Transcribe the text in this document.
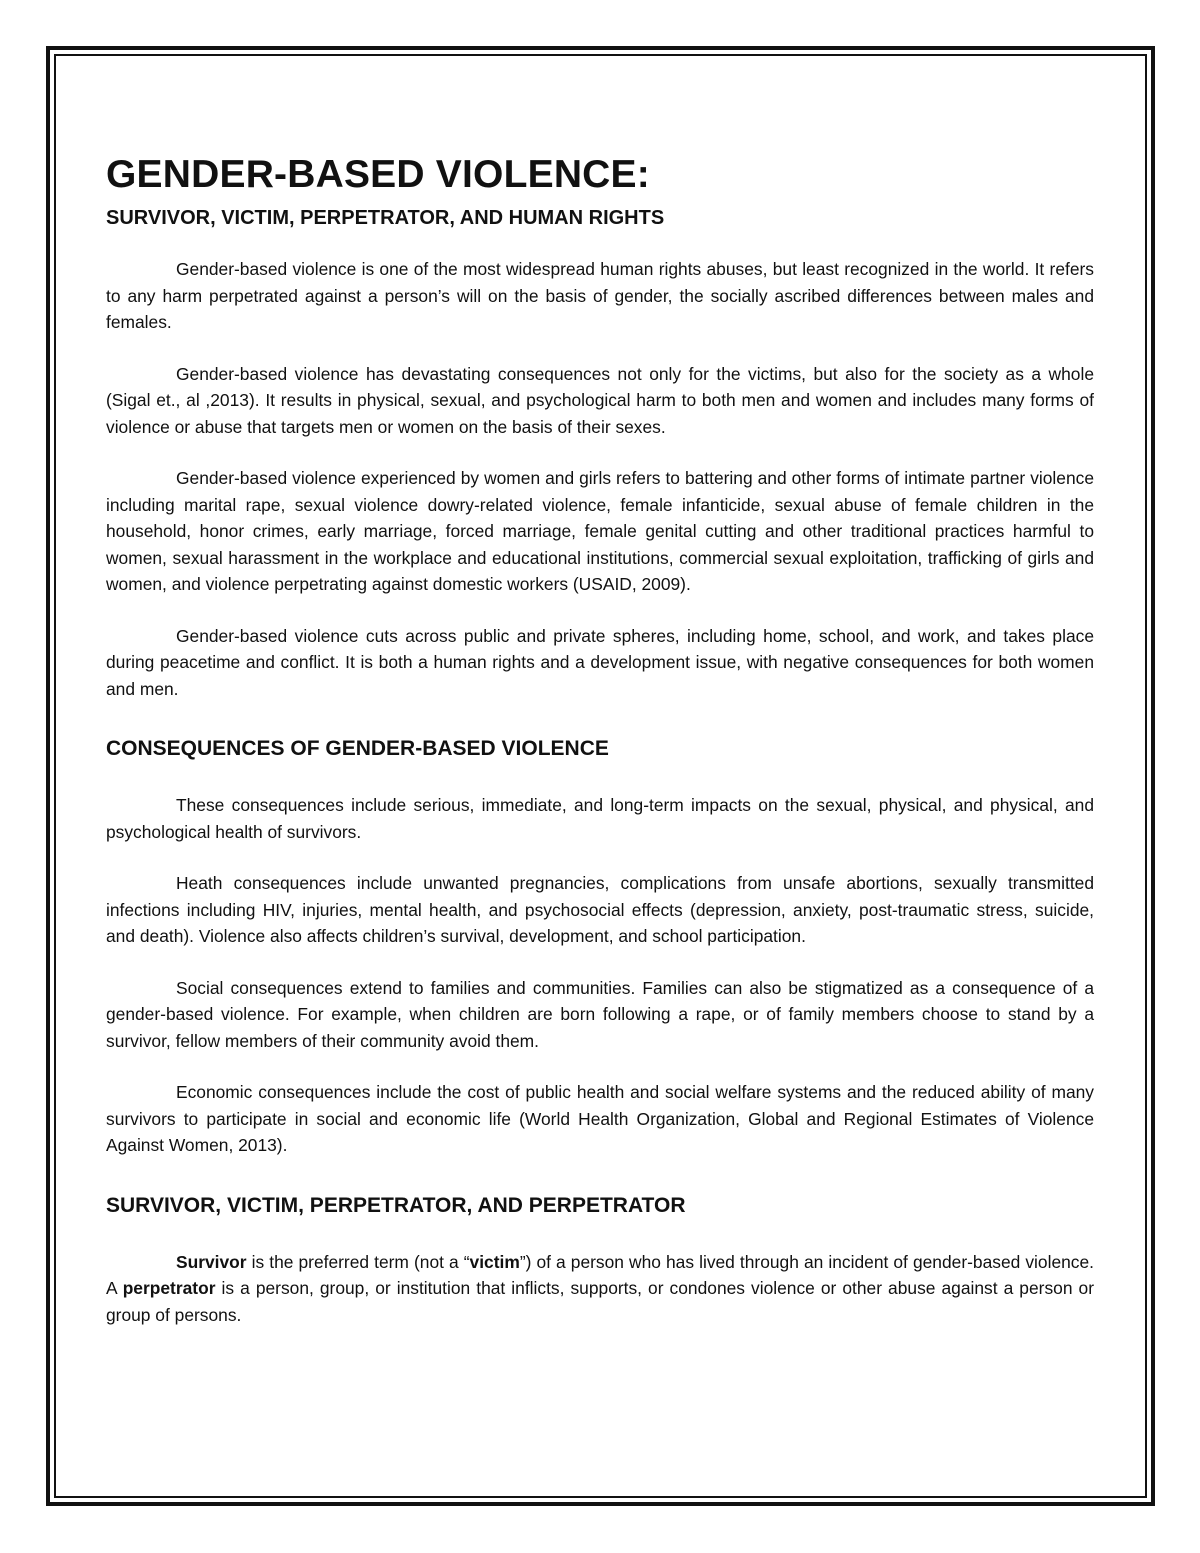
GENDER-BASED VIOLENCE:
SURVIVOR, VICTIM, PERPETRATOR, AND HUMAN RIGHTS

Gender-based violence is one of the most widespread human rights abuses, but least recognized in the world. It refers to any harm perpetrated against a person’s will on the basis of gender, the socially ascribed differences between males and females.

Gender-based violence has devastating consequences not only for the victims, but also for the society as a whole (Sigal et., al ,2013). It results in physical, sexual, and psychological harm to both men and women and includes many forms of violence or abuse that targets men or women on the basis of their sexes.

Gender-based violence experienced by women and girls refers to battering and other forms of intimate partner violence including marital rape, sexual violence dowry-related violence, female infanticide, sexual abuse of female children in the household, honor crimes, early marriage, forced marriage, female genital cutting and other traditional practices harmful to women, sexual harassment in the workplace and educational institutions, commercial sexual exploitation, trafficking of girls and women, and violence perpetrating against domestic workers (USAID, 2009).

Gender-based violence cuts across public and private spheres, including home, school, and work, and takes place during peacetime and conflict. It is both a human rights and a development issue, with negative consequences for both women and men.

CONSEQUENCES OF GENDER-BASED VIOLENCE

These consequences include serious, immediate, and long-term impacts on the sexual, physical, and physical, and psychological health of survivors.

Heath consequences include unwanted pregnancies, complications from unsafe abortions, sexually transmitted infections including HIV, injuries, mental health, and psychosocial effects (depression, anxiety, post-traumatic stress, suicide, and death). Violence also affects children’s survival, development, and school participation.

Social consequences extend to families and communities. Families can also be stigmatized as a consequence of a gender-based violence. For example, when children are born following a rape, or of family members choose to stand by a survivor, fellow members of their community avoid them.

Economic consequences include the cost of public health and social welfare systems and the reduced ability of many survivors to participate in social and economic life (World Health Organization, Global and Regional Estimates of Violence Against Women, 2013).

SURVIVOR, VICTIM, PERPETRATOR, AND PERPETRATOR

Survivor is the preferred term (not a “victim”) of a person who has lived through an incident of gender-based violence. A perpetrator is a person, group, or institution that inflicts, supports, or condones violence or other abuse against a person or group of persons.
